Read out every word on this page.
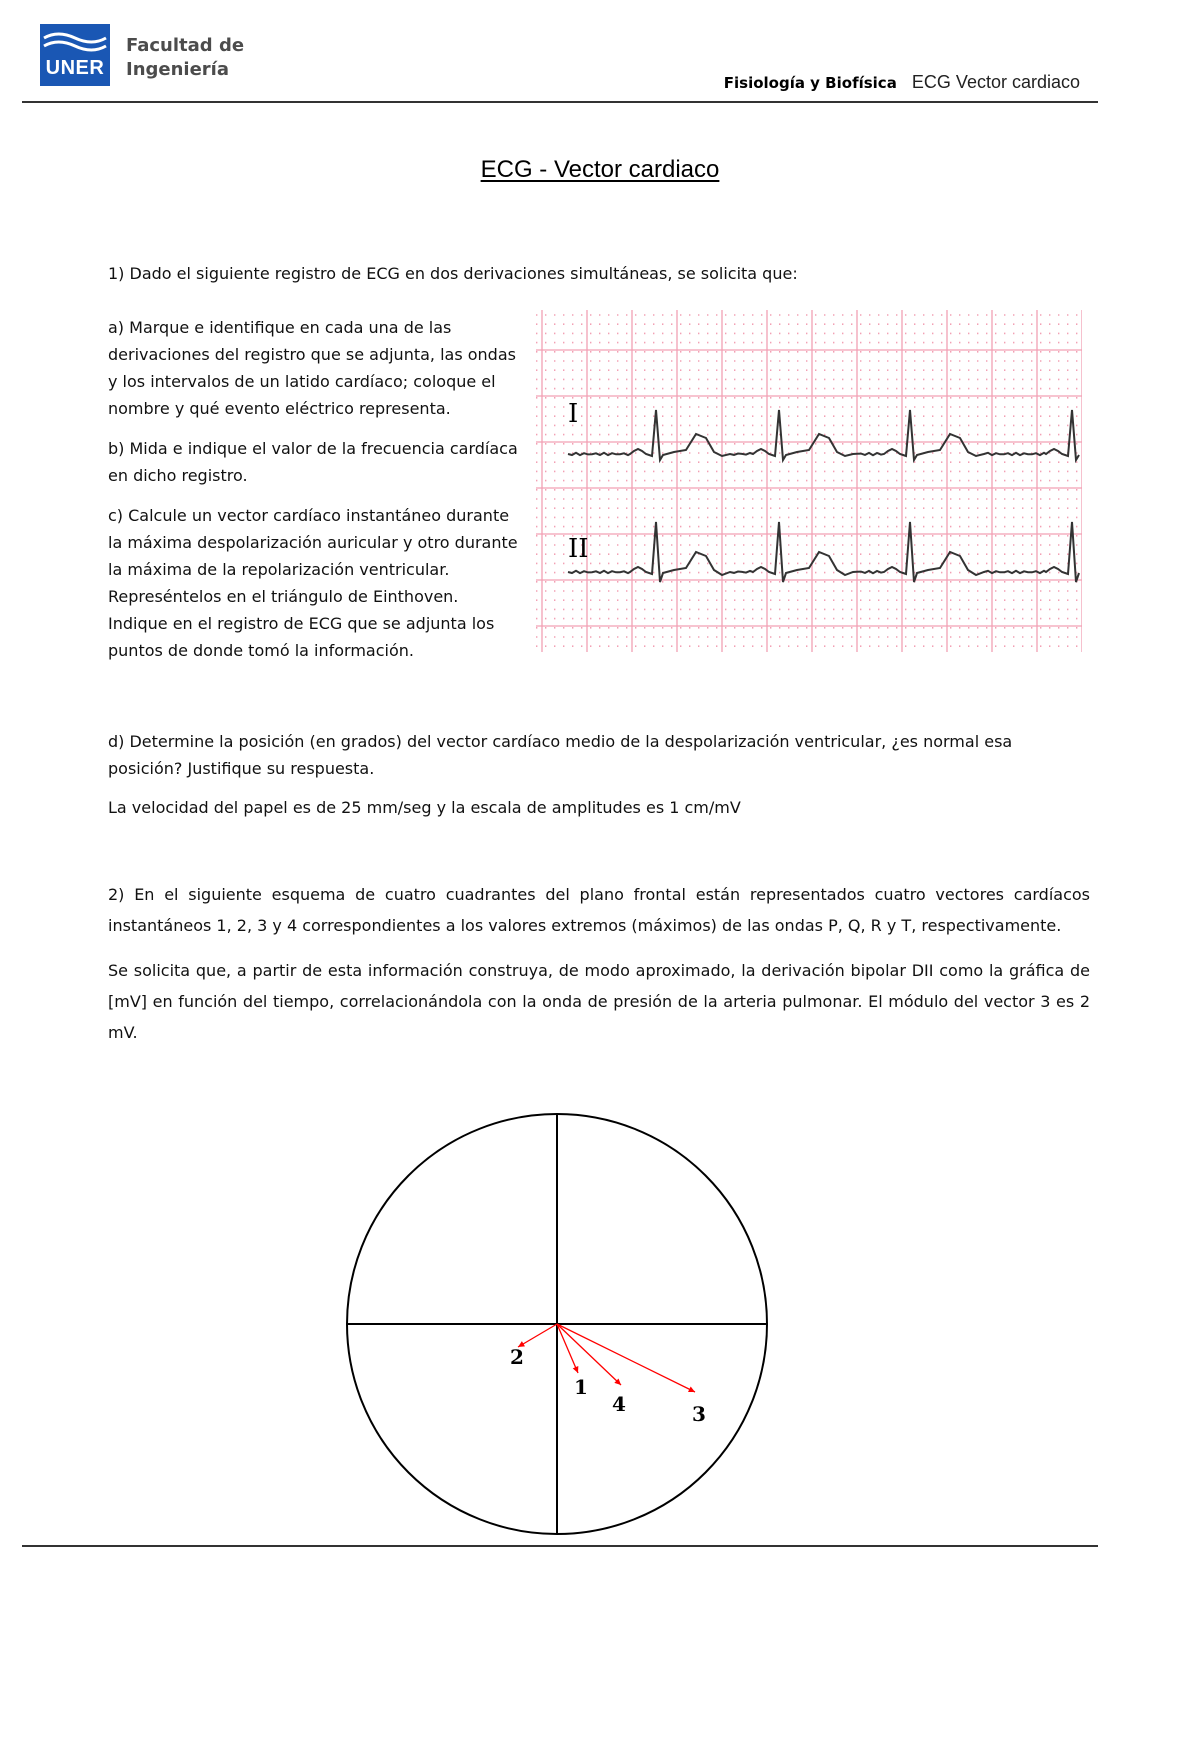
UNER
Facultad de
Ingeniería
Fisiología y Biofísica ECG Vector cardiaco
ECG - Vector cardiaco
1) Dado el siguiente registro de ECG en dos derivaciones simultáneas, se solicita que:

a) Marque e identifique en cada una de las derivaciones del registro que se adjunta, las ondas y los intervalos de un latido cardíaco; coloque el nombre y qué evento eléctrico representa.

b) Mida e indique el valor de la frecuencia cardíaca en dicho registro.

c) Calcule un vector cardíaco instantáneo durante la máxima despolarización auricular y otro durante la máxima de la repolarización ventricular. Represéntelos en el triángulo de Einthoven. Indique en el registro de ECG que se adjunta los puntos de donde tomó la información.

d) Determine la posición (en grados) del vector cardíaco medio de la despolarización ventricular, ¿es normal esa posición? Justifique su respuesta.

La velocidad del papel es de 25 mm/seg y la escala de amplitudes es 1 cm/mV

I
II

2) En el siguiente esquema de cuatro cuadrantes del plano frontal están representados cuatro vectores cardíacos instantáneos 1, 2, 3 y 4 correspondientes a los valores extremos (máximos) de las ondas P, Q, R y T, respectivamente.

Se solicita que, a partir de esta información construya, de modo aproximado, la derivación bipolar DII como la gráfica de [mV] en función del tiempo, correlacionándola con la onda de presión de la arteria pulmonar. El módulo del vector 3 es 2 mV.

2
1
4	3
